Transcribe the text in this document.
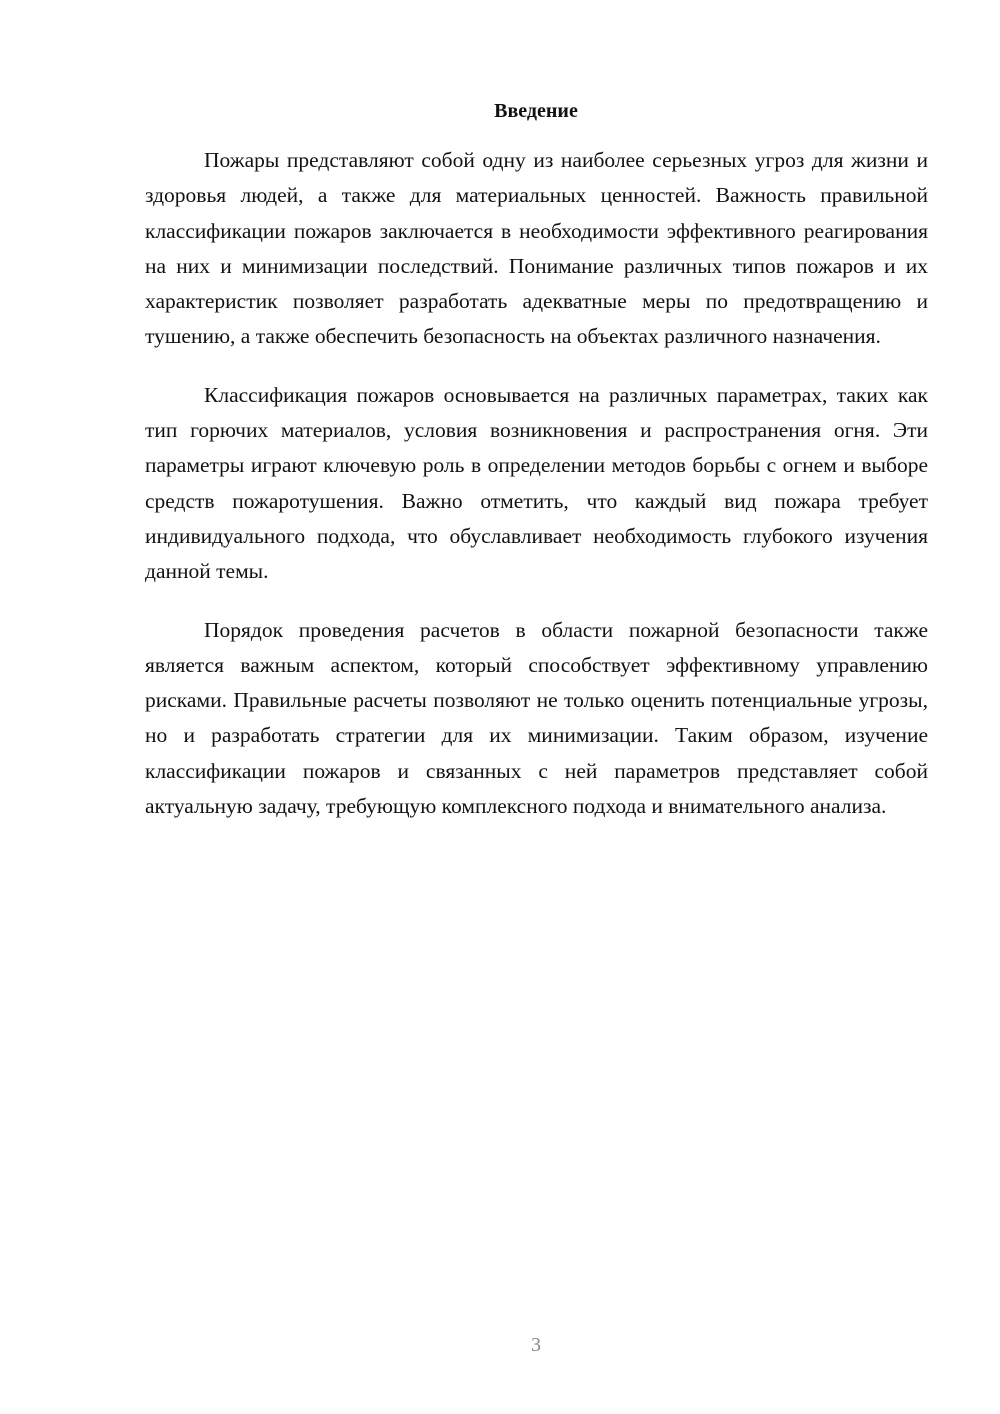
Введение

Пожары представляют собой одну из наиболее серьезных угроз для жизни и здоровья людей, а также для материальных ценностей. Важность правильной классификации пожаров заключается в необходимости эффективного реагирования на них и минимизации последствий. Понимание различных типов пожаров и их характеристик позволяет разработать адекватные меры по предотвращению и тушению, а также обеспечить безопасность на объектах различного назначения.

Классификация пожаров основывается на различных параметрах, таких как тип горючих материалов, условия возникновения и распространения огня. Эти параметры играют ключевую роль в определении методов борьбы с огнем и выборе средств пожаротушения. Важно отметить, что каждый вид пожара требует индивидуального подхода, что обуславливает необходимость глубокого изучения данной темы.

Порядок проведения расчетов в области пожарной безопасности также является важным аспектом, который способствует эффективному управлению рисками. Правильные расчеты позволяют не только оценить потенциальные угрозы, но и разработать стратегии для их минимизации. Таким образом, изучение классификации пожаров и связанных с ней параметров представляет собой актуальную задачу, требующую комплексного подхода и внимательного анализа.

3
